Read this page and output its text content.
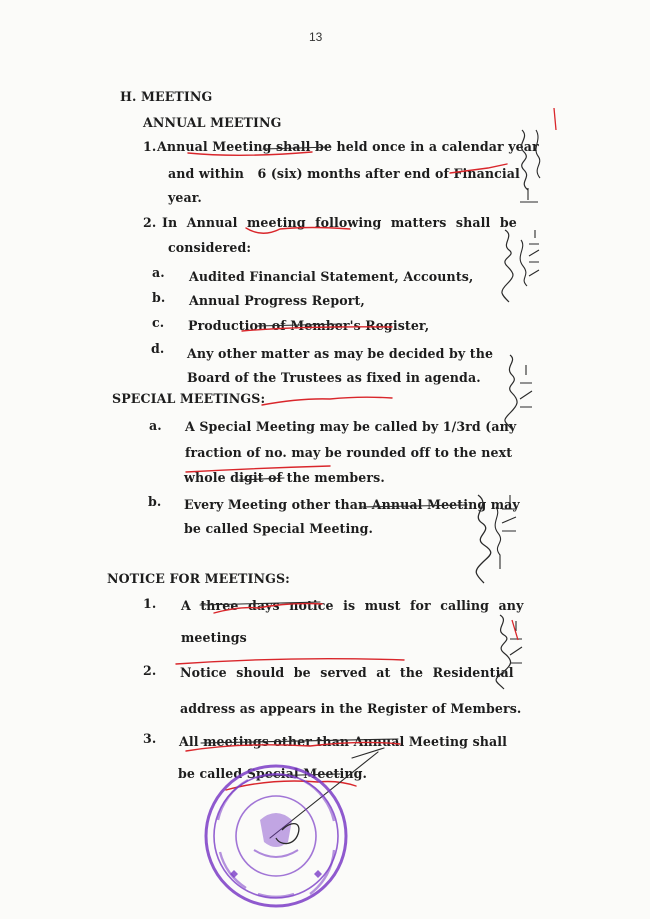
13
H. MEETING
ANNUAL MEETING
1. Annual Meeting shall be held once in a calendar year
and within   6 (six) months after end of Financial
year.
2. In Annual meeting following matters shall be
considered:
a. Audited Financial Statement, Accounts,
b. Annual Progress Report,
c. Production of Member's Register,
d. Any other matter as may be decided by the
Board of the Trustees as fixed in agenda.
SPECIAL MEETINGS:
a. A Special Meeting may be called by 1/3rd (any
fraction of no. may be rounded off to the next
whole digit of the members.
b. Every Meeting other than Annual Meeting may
be called Special Meeting.
NOTICE FOR MEETINGS:
1. A three days notice is must for calling any
meetings
2. Notice should be served at the Residential
address as appears in the Register of Members.
3. All meetings other than Annual Meeting shall
be called Special Meeting.
